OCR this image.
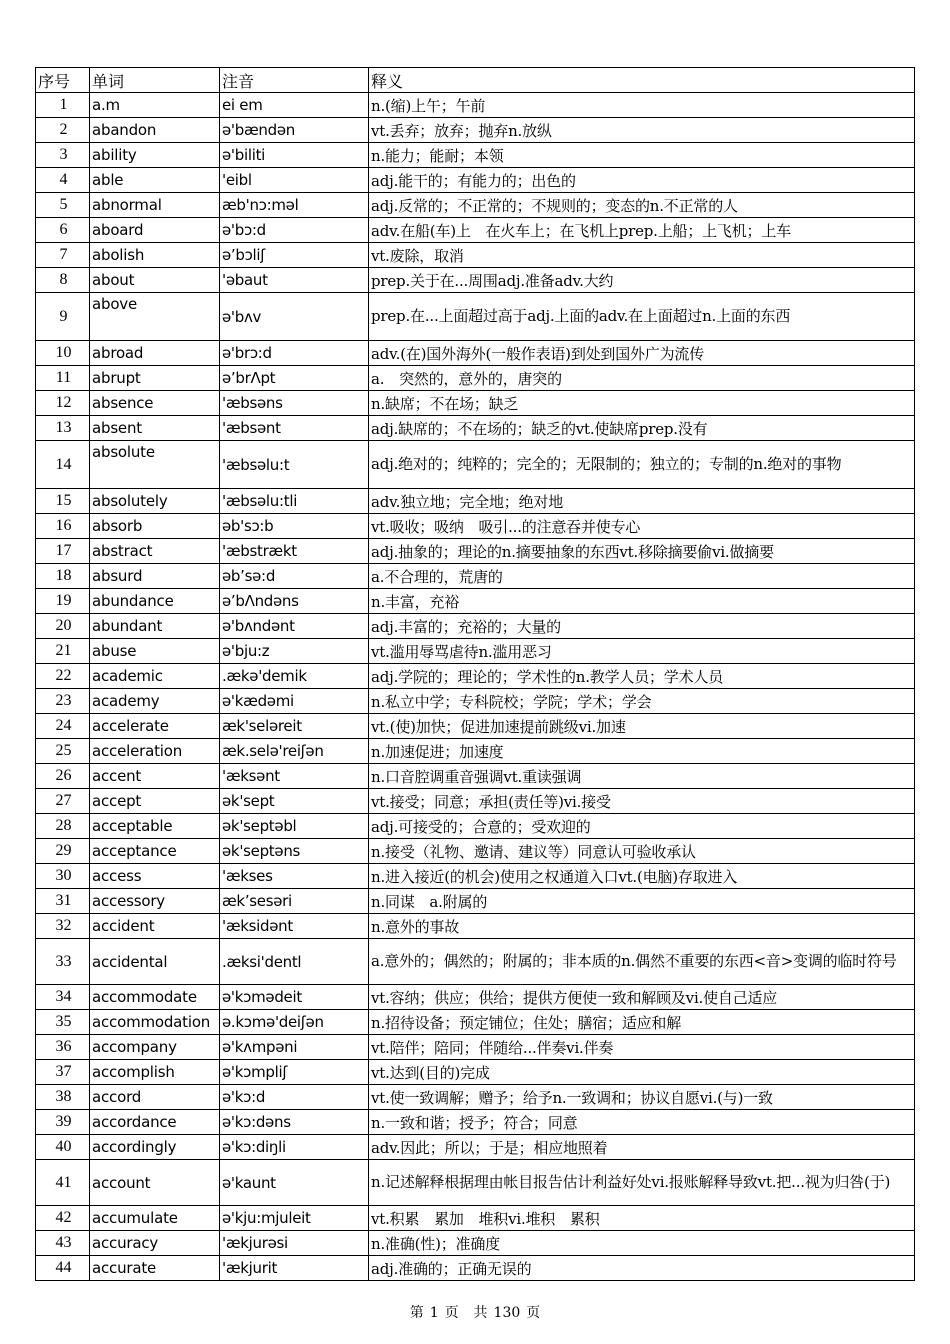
序号	单词	注音	释义
1	a.m	ei em	n.(缩)上午；午前
2	abandon	ə'bændən	vt.丢弃；放弃；抛弃n.放纵
3	ability	ə'biliti	n.能力；能耐；本领
4	able	'eibl	adj.能干的；有能力的；出色的
5	abnormal	æb'nɔ:məl	adj.反常的；不正常的；不规则的；变态的n.不正常的人
6	aboard	ə'bɔ:d	adv.在船(车)上　在火车上；在飞机上prep.上船；上飞机；上车
7	abolish	ə’bɔliʃ	vt.废除，取消
8	about	'əbaut	prep.关于在...周围adj.准备adv.大约
9	above	ə'bʌv	prep.在...上面超过高于adj.上面的adv.在上面超过n.上面的东西
10	abroad	ə'brɔ:d	adv.(在)国外海外(一般作表语)到处到国外广为流传
11	abrupt	ə’brΛpt	a.　突然的，意外的，唐突的
12	absence	'æbsəns	n.缺席；不在场；缺乏
13	absent	'æbsənt	adj.缺席的；不在场的；缺乏的vt.使缺席prep.没有
14	absolute	'æbsəlu:t	adj.绝对的；纯粹的；完全的；无限制的；独立的；专制的n.绝对的事物
15	absolutely	'æbsəlu:tli	adv.独立地；完全地；绝对地
16	absorb	əb'sɔ:b	vt.吸收；吸纳　吸引...的注意吞并使专心
17	abstract	'æbstrækt	adj.抽象的；理论的n.摘要抽象的东西vt.移除摘要偷vi.做摘要
18	absurd	əb’sə:d	a.不合理的，荒唐的
19	abundance	ə’bΛndəns	n.丰富，充裕
20	abundant	ə'bʌndənt	adj.丰富的；充裕的；大量的
21	abuse	ə'bju:z	vt.滥用辱骂虐待n.滥用恶习
22	academic	.ækə'demik	adj.学院的；理论的；学术性的n.教学人员；学术人员
23	academy	ə'kædəmi	n.私立中学；专科院校；学院；学术；学会
24	accelerate	æk'seləreit	vt.(使)加快；促进加速提前跳级vi.加速
25	acceleration	æk.selə'reiʃən	n.加速促进；加速度
26	accent	'æksənt	n.口音腔调重音强调vt.重读强调
27	accept	ək'sept	vt.接受；同意；承担(责任等)vi.接受
28	acceptable	ək'septəbl	adj.可接受的；合意的；受欢迎的
29	acceptance	ək'septəns	n.接受（礼物、邀请、建议等）同意认可验收承认
30	access	'ækses	n.进入接近(的机会)使用之权通道入口vt.(电脑)存取进入
31	accessory	æk’sesəri	n.同谋　a.附属的
32	accident	'æksidənt	n.意外的事故
33	accidental	.æksi'dentl	a.意外的；偶然的；附属的；非本质的n.偶然不重要的东西<音>变调的临时符号
34	accommodate	ə'kɔmədeit	vt.容纳；供应；供给；提供方便使一致和解顾及vi.使自己适应
35	accommodation	ə.kɔmə'deiʃən	n.招待设备；预定铺位；住处；膳宿；适应和解
36	accompany	ə'kʌmpəni	vt.陪伴；陪同；伴随给...伴奏vi.伴奏
37	accomplish	ə'kɔmpliʃ	vt.达到(目的)完成
38	accord	ə'kɔ:d	vt.使一致调解；赠予；给予n.一致调和；协议自愿vi.(与)一致
39	accordance	ə'kɔ:dəns	n.一致和谐；授予；符合；同意
40	accordingly	ə'kɔ:diŋli	adv.因此；所以；于是；相应地照着
41	account	ə'kaunt	n.记述解释根据理由帐目报告估计利益好处vi.报账解释导致vt.把...视为归咎(于)
42	accumulate	ə'kju:mjuleit	vt.积累　累加　堆积vi.堆积　累积
43	accuracy	'ækjurəsi	n.准确(性)；准确度
44	accurate	'ækjurit	adj.准确的；正确无误的
第 1 页 共 130 页
